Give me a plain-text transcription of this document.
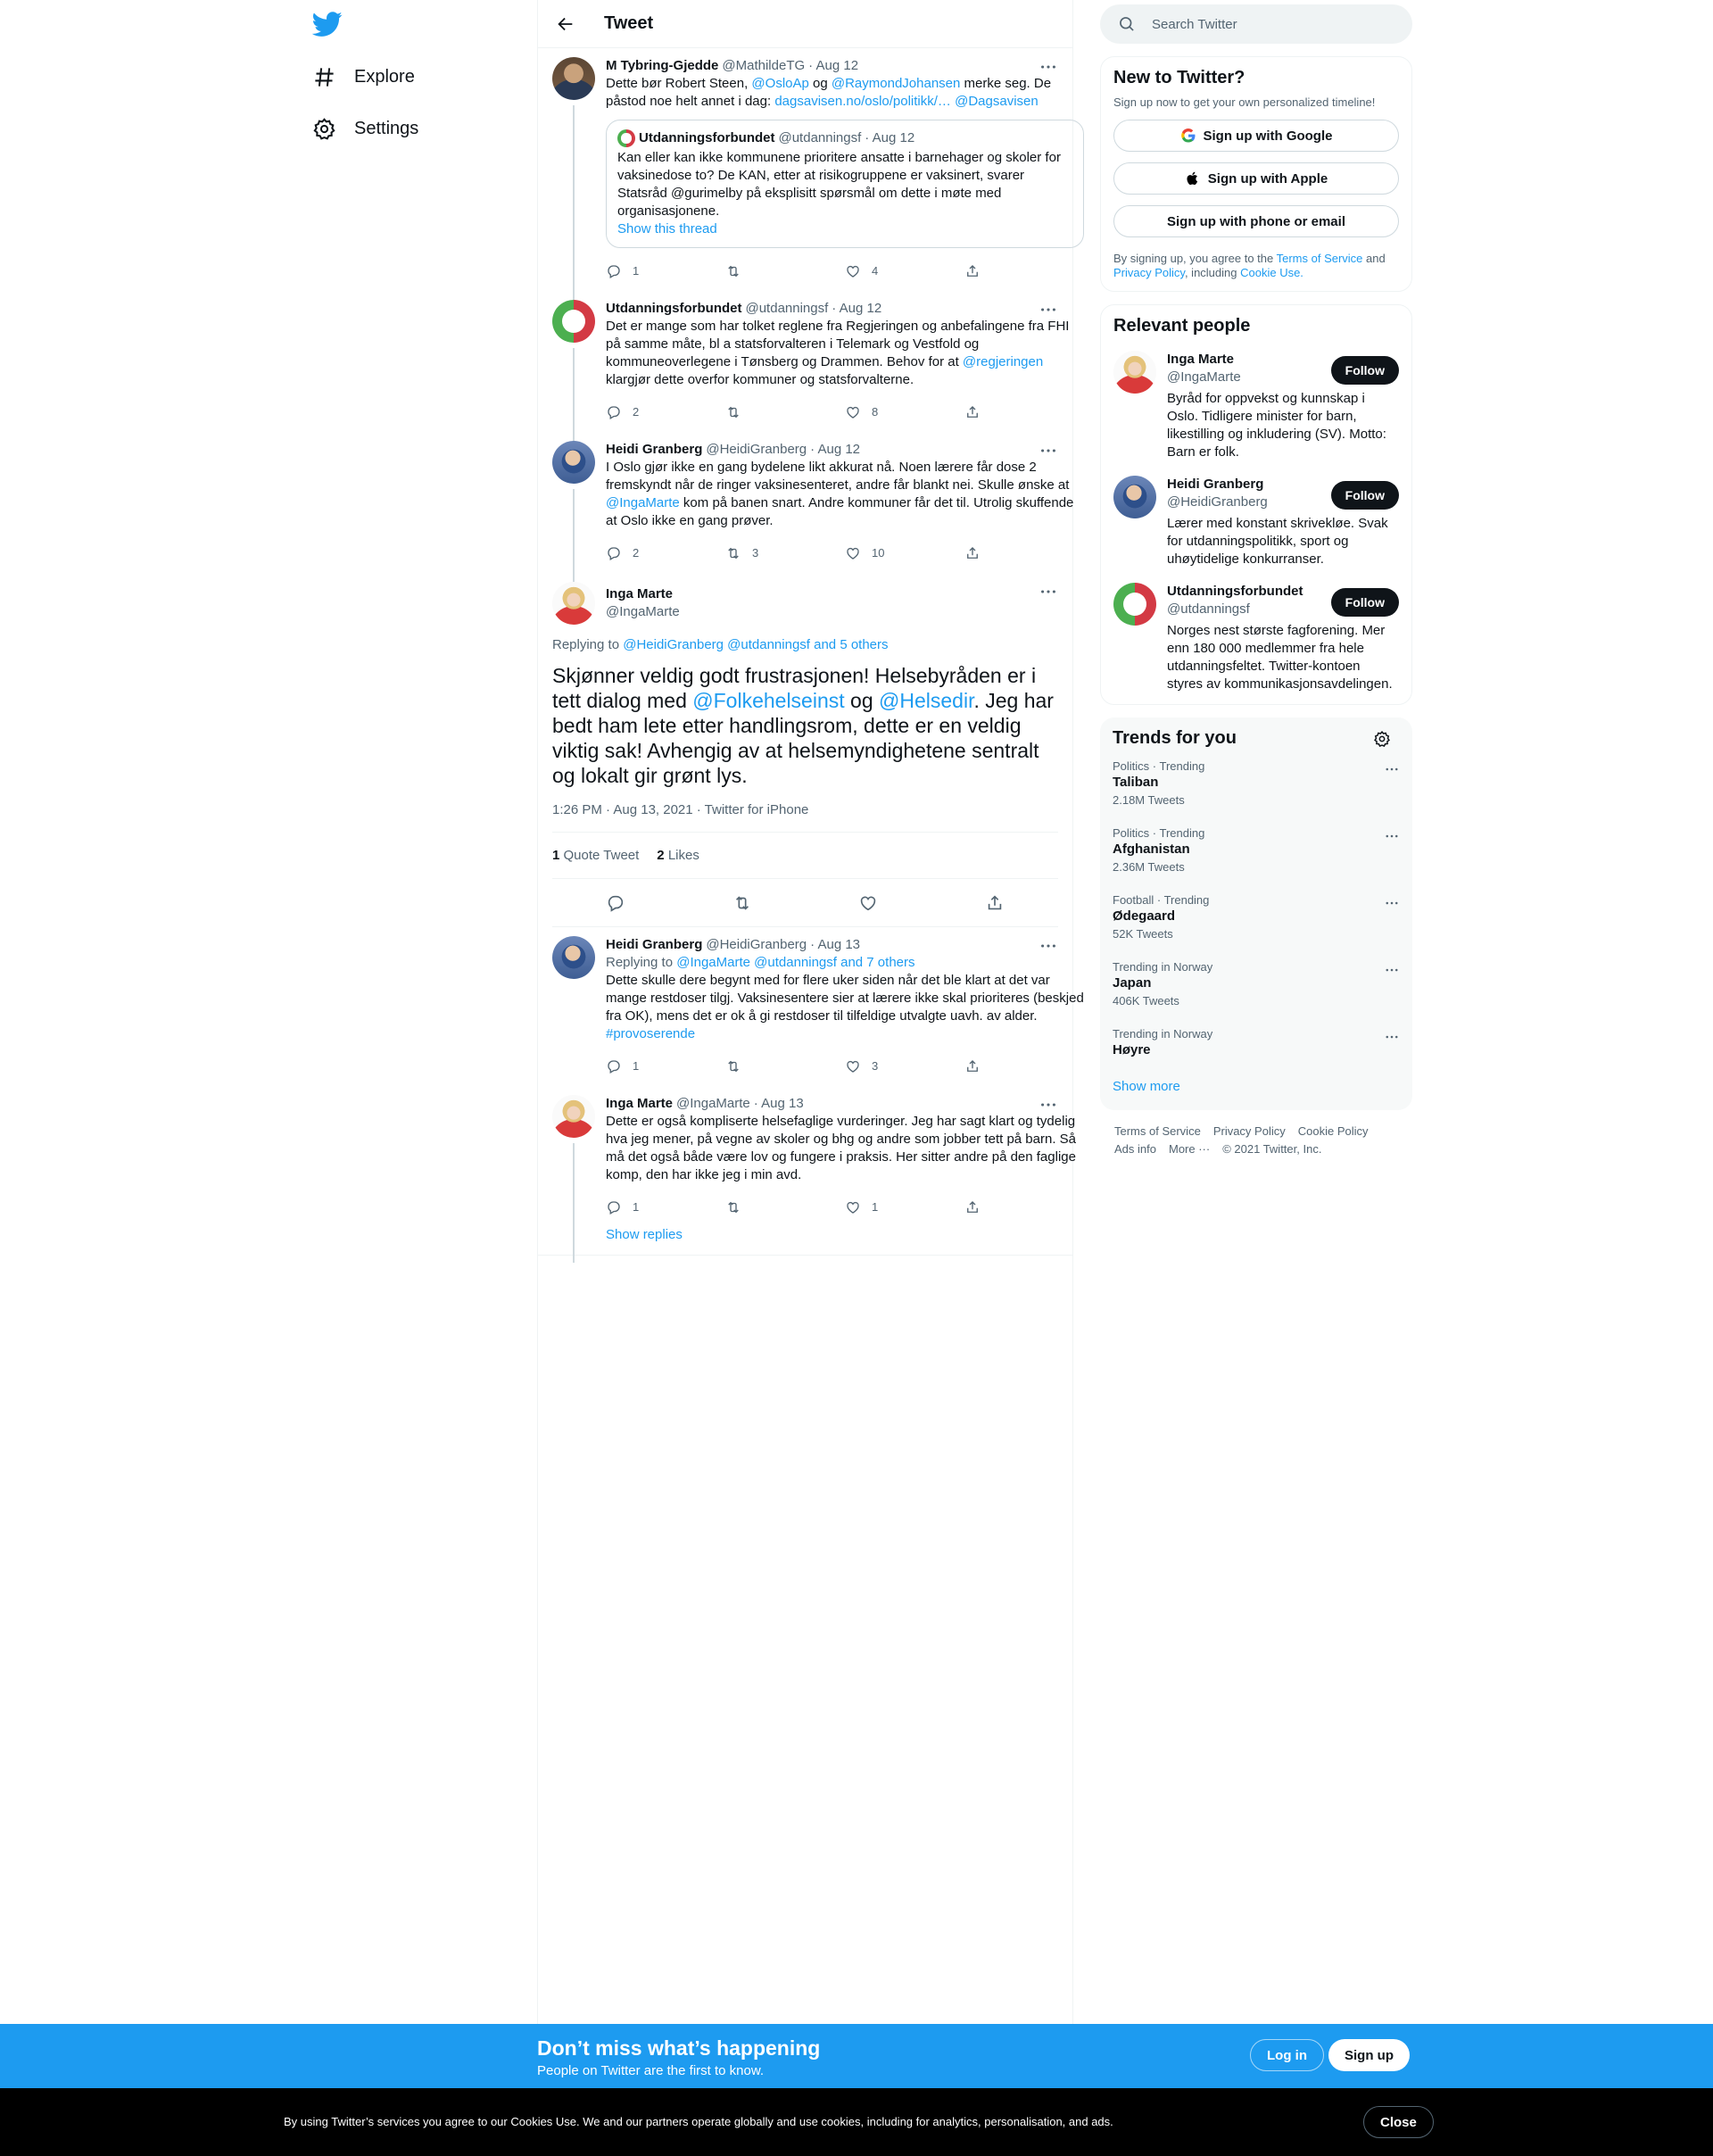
Explore
Settings
Tweet
M Tybring-Gjedde @MathildeTG · Aug 12
Dette bør Robert Steen, @OsloAp og @RaymondJohansen merke seg. De påstod noe helt annet i dag: dagsavisen.no/oslo/politikk/… @Dagsavisen
Utdanningsforbundet @utdanningsf · Aug 12
Kan eller kan ikke kommunene prioritere ansatte i barnehager og skoler for vaksinedose to? De KAN, etter at risikogruppene er vaksinert, svarer Statsråd @gurimelby på eksplisitt spørsmål om dette i møte med organisasjonene.
Show this thread
1	4
Utdanningsforbundet @utdanningsf · Aug 12
Det er mange som har tolket reglene fra Regjeringen og anbefalingene fra FHI på samme måte, bl a statsforvalteren i Telemark og Vestfold og kommuneoverlegene i Tønsberg og Drammen. Behov for at @regjeringen klargjør dette overfor kommuner og statsforvalterne.
2	8
Heidi Granberg @HeidiGranberg · Aug 12
I Oslo gjør ikke en gang bydelene likt akkurat nå. Noen lærere får dose 2 fremskyndt når de ringer vaksinesenteret, andre får blankt nei. Skulle ønske at @IngaMarte kom på banen snart. Andre kommuner får det til. Utrolig skuffende at Oslo ikke en gang prøver.
2	3	10
Inga Marte
@IngaMarte
Replying to @HeidiGranberg @utdanningsf and 5 others
Skjønner veldig godt frustrasjonen! Helsebyråden er i tett dialog med @Folkehelseinst og @Helsedir. Jeg har bedt ham lete etter handlingsrom, dette er en veldig viktig sak! Avhengig av at helsemyndighetene sentralt og lokalt gir grønt lys.
1:26 PM · Aug 13, 2021 · Twitter for iPhone
1 Quote Tweet 2 Likes
Heidi Granberg @HeidiGranberg · Aug 13
Replying to @IngaMarte @utdanningsf and 7 others
Dette skulle dere begynt med for flere uker siden når det ble klart at det var mange restdoser tilgj. Vaksinesentere sier at lærere ikke skal prioriteres (beskjed fra OK), mens det er ok å gi restdoser til tilfeldige utvalgte uavh. av alder. #provoserende
1	3
Inga Marte @IngaMarte · Aug 13
Dette er også kompliserte helsefaglige vurderinger. Jeg har sagt klart og tydelig hva jeg mener, på vegne av skoler og bhg og andre som jobber tett på barn. Så må det også både være lov og fungere i praksis. Her sitter andre på den faglige komp, den har ikke jeg i min avd.
1	1
Show replies
Search Twitter
New to Twitter?
Sign up now to get your own personalized timeline!
Sign up with Google
Sign up with Apple
Sign up with phone or email
By signing up, you agree to the Terms of Service and Privacy Policy, including Cookie Use.
Relevant people
Inga Marte
@IngaMarte
Byråd for oppvekst og kunnskap i Oslo. Tidligere minister for barn, likestilling og inkludering (SV). Motto: Barn er folk.
Follow
Heidi Granberg
@HeidiGranberg
Lærer med konstant skrivekløe. Svak for utdanningspolitikk, sport og uhøytidelige konkurranser.
Follow
Utdanningsforbundet
@utdanningsf
Norges nest største fagforening. Mer enn 180 000 medlemmer fra hele utdanningsfeltet. Twitter-kontoen styres av kommunikasjonsavdelingen.
Follow
Trends for you
Politics · Trending
Taliban
2.18M Tweets
Politics · Trending
Afghanistan
2.36M Tweets
Football · Trending
Ødegaard
52K Tweets
Trending in Norway
Japan
406K Tweets
Trending in Norway
Høyre
Show more
Terms of Service Privacy Policy Cookie Policy
Ads info More ··· © 2021 Twitter, Inc.
Don’t miss what’s happening
People on Twitter are the first to know.
Log in	Sign up
By using Twitter’s services you agree to our Cookies Use. We and our partners operate globally and use cookies, including for analytics, personalisation, and ads.	Close
